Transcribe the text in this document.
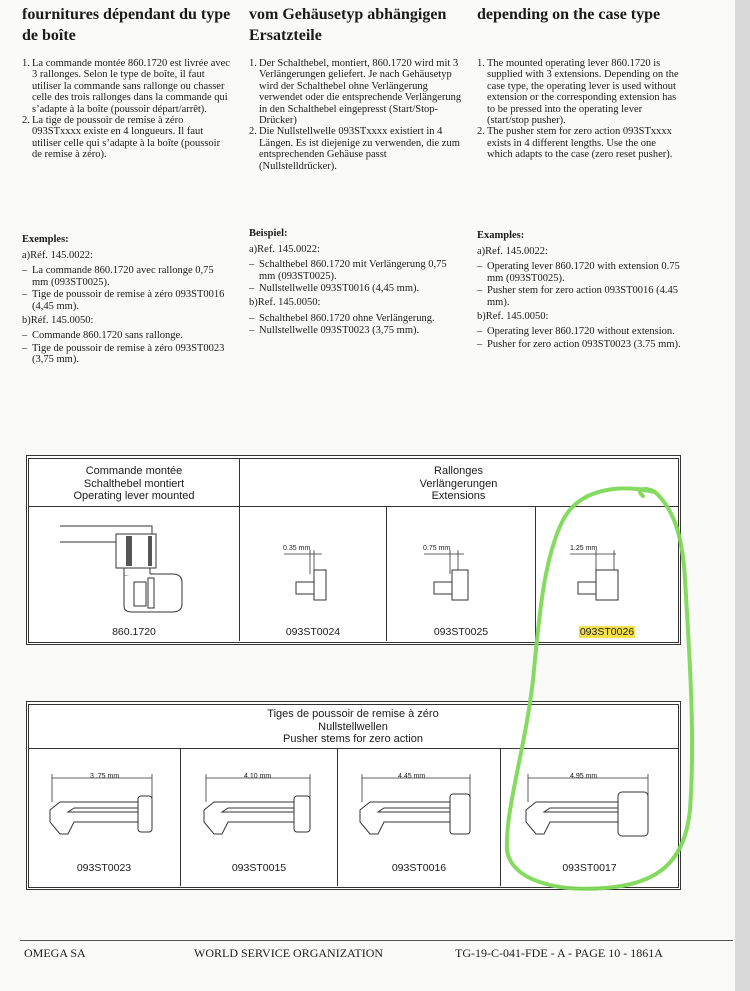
fournitures dépendant du type
de boîte
vom Gehäusetyp abhängigen
Ersatzteile
depending on the case type
1. La commande montée 860.1720 est livrée avec 3 rallonges. Selon le type de boîte, il faut utiliser la commande sans rallonge ou chasser celle des trois rallonges dans la commande qui s’adapte à la boîte (poussoir départ/arrêt).

2. La tige de poussoir de remise à zéro 093STxxxx existe en 4 longueurs. Il faut utiliser celle qui s’adapte à la boîte (poussoir de remise à zéro).

1. Der Schalthebel, montiert, 860.1720 wird mit 3 Verlängerungen geliefert. Je nach Gehäusetyp wird der Schalthebel ohne Verlängerung verwendet oder die entsprechende Verlängerung in den Schalthebel eingepresst (Start/Stop-Drücker)

2. Die Nullstellwelle 093STxxxx existiert in 4 Längen. Es ist diejenige zu verwenden, die zum entsprechenden Gehäuse passt (Nullstelldrücker).

1. The mounted operating lever 860.1720 is supplied with 3 extensions. Depending on the case type, the operating lever is used without extension or the corresponding extension has to be pressed into the operating lever (start/stop pusher).

2. The pusher stem for zero action 093STxxxx exists in 4 different lengths. Use the one which adapts to the case (zero reset pusher).

Exemples:
a)Réf. 145.0022:
– La commande 860.1720 avec rallonge 0,75 mm (093ST0025).
– Tige de poussoir de remise à zéro 093ST0016 (4,45 mm).
b)Réf. 145.0050:
– Commande 860.1720 sans rallonge.
– Tige de poussoir de remise à zéro 093ST0023 (3,75 mm).
Beispiel:
a)Ref. 145.0022:
– Schalthebel 860.1720 mit Verlängerung 0,75 mm (093ST0025).
– Nullstellwelle 093ST0016 (4,45 mm).
b)Ref. 145.0050:
– Schalthebel 860.1720 ohne Verlängerung.
– Nullstellwelle 093ST0023 (3,75 mm).
Examples:
a)Ref. 145.0022:
– Operating lever 860.1720 with extension 0.75 mm (093ST0025).
– Pusher stem for zero action 093ST0016 (4.45 mm).
b)Ref. 145.0050:
– Operating lever 860.1720 without extension.
– Pusher for zero action 093ST0023 (3.75 mm).
Commande montée
Schalthebel montiert
Operating lever mounted
Rallonges
Verlängerungen
Extensions
860.1720
0.35 mm
093ST0024
0.75 mm
093ST0025
1.25 mm
093ST0026
Tiges de poussoir de remise à zéro
Nullstellwellen
Pusher stems for zero action
3 .75 mm
093ST0023
4.10 mm
093ST0015
4.45 mm
093ST0016
4.95 mm
093ST0017
OMEGA SA	WORLD SERVICE ORGANIZATION	TG-19-C-041-FDE - A - PAGE 10 - 1861A
